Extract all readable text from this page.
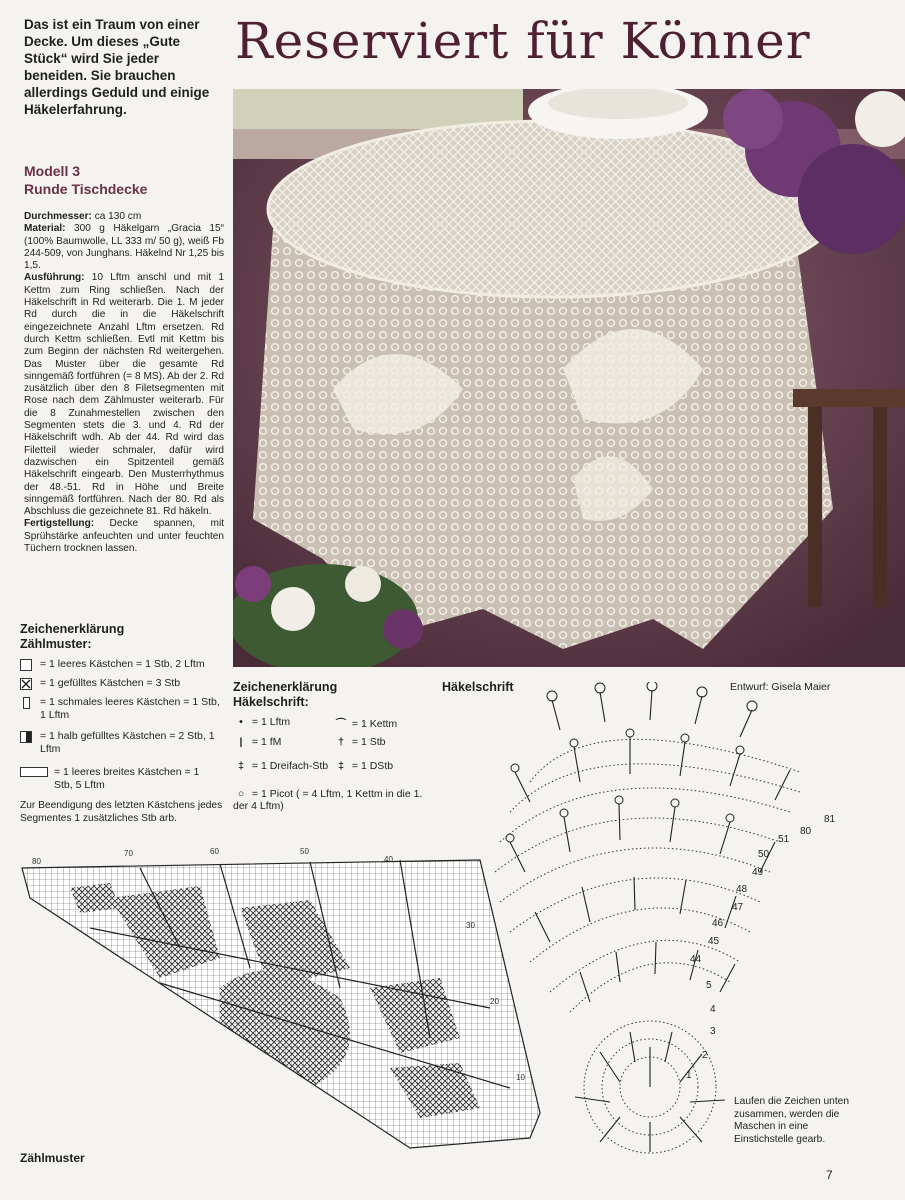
Reserviert für Könner
Das ist ein Traum von einer Decke. Um dieses „Gute Stück“ wird Sie jeder beneiden. Sie brauchen allerdings Geduld und einige Häkelerfahrung.
Modell 3
Runde Tischdecke

Durchmesser: ca 130 cm

Material: 300 g Häkelgarn „Gracia 15“ (100% Baumwolle, LL 333 m/ 50 g), weiß Fb 244-509, von Junghans. Häkelnd Nr 1,25 bis 1,5.

Ausführung: 10 Lftm anschl und mit 1 Kettm zum Ring schließen. Nach der Häkelschrift in Rd weiterarb. Die 1. M jeder Rd durch die in die Häkelschrift eingezeichnete Anzahl Lftm ersetzen. Rd durch Kettm schließen. Evtl mit Kettm bis zum Beginn der nächsten Rd weitergehen. Das Muster über die gesamte Rd sinngemäß fortführen (= 8 MS). Ab der 2. Rd zusätzlich über den 8 Filetsegmenten mit Rose nach dem Zählmuster weiterarb. Für die 8 Zunahmestellen zwischen den Segmenten stets die 3. und 4. Rd der Häkelschrift wdh. Ab der 44. Rd wird das Filetteil wieder schmaler, dafür wird dazwischen ein Spitzenteil gemäß Häkelschrift eingearb. Den Musterrhythmus der 48.-51. Rd in Höhe und Breite sinngemäß fortführen. Nach der 80. Rd als Abschluss die gezeichnete 81. Rd häkeln.

Fertigstellung: Decke spannen, mit Sprühstärke anfeuchten und unter feuchten Tüchern trocknen lassen.

Zeichenerklärung Zählmuster:
= 1 leeres Kästchen = 1 Stb, 2 Lftm
= 1 gefülltes Kästchen = 3 Stb
= 1 schmales leeres Kästchen = 1 Stb, 1 Lftm
= 1 halb gefülltes Kästchen = 2 Stb, 1 Lftm
= 1 leeres breites Kästchen = 1 Stb, 5 Lftm
Zur Beendigung des letzten Kästchens jedes Segmentes 1 zusätzliches Stb arb.
Zeichenerklärung Häkelschrift:
• = 1 Lftm	⌒ = 1 Kettm
| = 1 fM	† = 1 Stb
‡ = 1 Dreifach-Stb ‡ = 1 DStb
○ = 1 Picot ( = 4 Lftm, 1 Kettm in die 1. der 4 Lftm)
Häkelschrift	Entwurf: Gisela Maier
81
80
51
50
49
48
47
46
45
44
5
4
3
2
1
80
70	60	50
40
30
20
10
Zählmuster
Laufen die Zeichen unten zusammen, werden die Maschen in eine Einstichstelle gearb.
7
